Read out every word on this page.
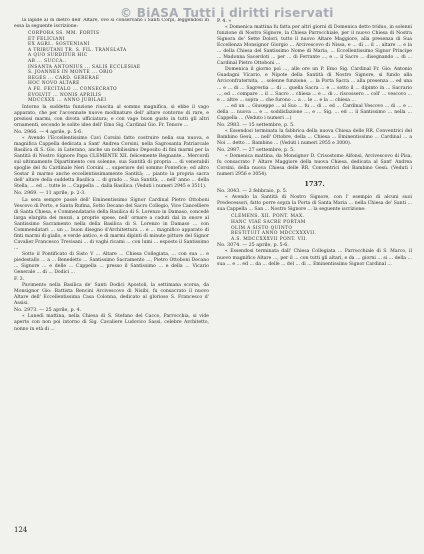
© BiASA Tutti i diritti riservati

la lapide al di dietro dell' Altare, ove si conservano i Santi Corpi, leggendosi in essa la seguente iscrizione:

CORPORA SS. MM. FORTIS
ET FELICIANI
EX AGRI.. SOSTENIANI
A TRIBUTANI TR. S. FIL. TRANSLATA
A QUO SUBDITUR HIC
AB ... SUCCA..
INSANTA ANTONIUS ... SALIS ECCLESIAE
S. JOANNES IN MONTE ... ORIO
REGES ... CARD. GERERAE
HOC NOVO ALTARE
A FE. FECITALO ... CONSECRATO
EVOLVIT ... NONIS APRILIS
MDCCXXX ... ANNO JUBILAEI

Intorno la suddetta funzione riuscita al sommo magnifica, si ebbe il vago apparato, che per l'accennate nuove modinature dell' altare contorno di rare, e preziosi marmi, con divota ufficiatura; e con vago buon gusto in tutti gli altri ornamenti, secondo le solite idee dell' Emo Sig. Cardinal Gio. Fr. Tenore ...

No. 2966. — 4 aprile, p. 5-6.

« Avendo l'Eccellentissimo Cavi Corsini fatto costruire nella sua nuova, e magnifica Cappella dedicata a Sant' Andrea Corsini, nella Sagrosanta Patriarcale Basilica di S. Gio. in Laterano, anche un nobilissimo Deposito di fini marmi per la Santità di Nostro Signore Papa CLEMENTE XII. felicemente Regnante... Mercordì sul ultimamente Dipartimento con solenne, sua Santità di propria ... di venerabili spoglie del fu Cardinale Neri Corsini ... superiore del sommo Pontefice; ed altro Sostar il marmo anche eccellentissimamente Santità; ... pianto la propria sacra dell' altare della suddetta Basilica ... di grado ... Sua Santità, ... nell' anno ... della Stella, ... ed ... tutte le ... Cappella ... dalla Basilica. (Veduti i numeri 2945 e 3511).

No. 2969. — 11 aprile, p. 2-3.

La sera sempre passè dell' Eminentissimo Signor Cardinal Pietro Ottoboni Vescovo di Porto, e Santa Rufina, Sotto Decano del Sacro Collegio, Vice Cancelliere di Santa Chiesa, e Commendatario della Basilica di S. Lorenzo in Damaso, concedè larga elargita dei mezzi, a proprie spese, nell' ornare a caduti dal in onore al Santissimo Sacramento nella della Basilica di S. Lorenzo in Damaso ... con Commendatari ... un ... buon disegno d'Architettura ... e ... magnifico apparato di finti marmi di giallo, e verde antico, e di marmi dipinti di minute pitture del Signor Cavalier Francesco Trevisani ... di vaghi ricami ... con lumi ... esposto il Santissimo ...

Sotto il Pontificato di Sisto V ... Altare ... Chiesa Collegiata, ... con sua ... e piedestallo ... a ... Benedetto ... Santissimo Sacramento ..., Pietro Ottoboni Decano ... Signore ... e delle ... Cappella ... presso il Santissimo ... e della ... Vicario Generale ... di ... Dodici ...

F. 3.

Pavimento nella Basilica de' Santi Dodici Apostoli, la settimana scorsa, da Monsignor Gio: Battista Bencini Arcivescovo di Nisibi, fu consacrato il nuovo Altare dell' Eccellentissima Casa Colonna, dedicato al glorioso S. Francesco d' Assisi.

No. 2973. — 25 aprile, p. 4.

« Lunedì mattina, nella Chiesa di S. Stefano del Cacco, Parrocchia, si vide aperto con non poi intorno di Sig. Cavaliere Ludovico Sassi, celebre Architetto, nonno in età di ...

P. 4. «

« Domenica mattina fu fatta per altri giorni di Domenica detto triduo, in solenni funzione di Nostro Signore, la Chiesa Parrocchiale, per il nuovo Chiesa di Nostra Signora de' Sette Dolori, tutto il nuovo Altare Maggiore, alla presenza di Sua Eccellenza Monsignor Giorgio ... Arcivescovo di Nissa, e ... di ... il ... altare ... e la ... della Chiesa del Santissimo Nome di Maria, ... Eccellentissimo Signor Principe ... Madonna Sacerdoti ... per ... di Ferrante ..., e ... il Sacro ... disegnando ... di ... Cardinal Pietro Ottoboni ...

Domenica il giorno poi ..., alle ore un P. Emo Sig. Cardinal Fr. Gio: Antonio Guadagni Vicario, e Nipote della Santità di Nostro Signore, si fundo alla Arciconfraternita, ... solenne funzione, ... la Porta Sacra ... alla presenza ... ed una ... e ... di ... Sagrestia ... di ... quella Sacra ... e ... sotto il ... dipinto in ... Sacrario ..., ed ... compare ... il ... Sacro ... chiesa ... e ... di ... riscossero ... coll' ... vescovo ... e ... altre ... sopra ... che furono ... a ... le ... e la ... chiesa ...

... ed un ... Giuseppe ... al Suo ... fu ... di ... ed ... Cardinal Vescovo ... di ... e ... della ... nuova ... e ... soddisfazione ..., e ... Sig. ... ed ... il Santissimo ... nella ... Cappella ... (Veduto i numeri ...)

No. 2983. — 15 settembre, p. 5.

« Essendosi terminata la fabbrica della nuova Chiesa delle RR. Conventrici del Bambino Gesù, ... nell' Ottobre, della ... Chiesa ... Eminentissimo ... Cardinal ... a Noi ... detto ... Bambino ... (Veduti i numeri 2955 e 3000).

No. 2987. — 27 settembre, p. 5.

« Domenica mattina, da Monsignor D. Crisostomo Alfonsi, Arcivescovo di Pisa, fu consacrato l' Altare Maggiore della nuova Chiesa, dedicata al Sant' Andrea Corsini, della nuova Chiesa delle RR. Conventrici del Bambino Gesù. (Veduti i numeri 2956 e 3054).

1737.

No. 3043. — 2 febbraio, p. 5.

« Avendo la Santità di Nostro Signore, con l' esempio di alcuni suoi Predecessori, fatto porre sopra la Porta di Santa Maria ... nella Chiesa de' Santi ... sua Cappella ... San ... Nostro Signore ... la seguente iscrizione:

CLEMENS. XII. PONT. MAX.
HANC VIAE SACRE PORTAM
OLIM A SISTO QUINTO
RESTITUIT ANNO MDCCXXXVII.
A.S. MDCCXXXVII PONT. VII.

No. 3074. — 25 aprile, p. 5-6.

« Essendosi terminata dall' Chiesa Collegiata ... Parrocchiale di S. Marco, il nuovo magnifico Altare ..., per il ... con tutti gli altari, e da ... giorni ... si ... della ... sua ... e ... ed ... da ... delle ... del ... di ... Eminentissimo Signor Cardinal ...

124
